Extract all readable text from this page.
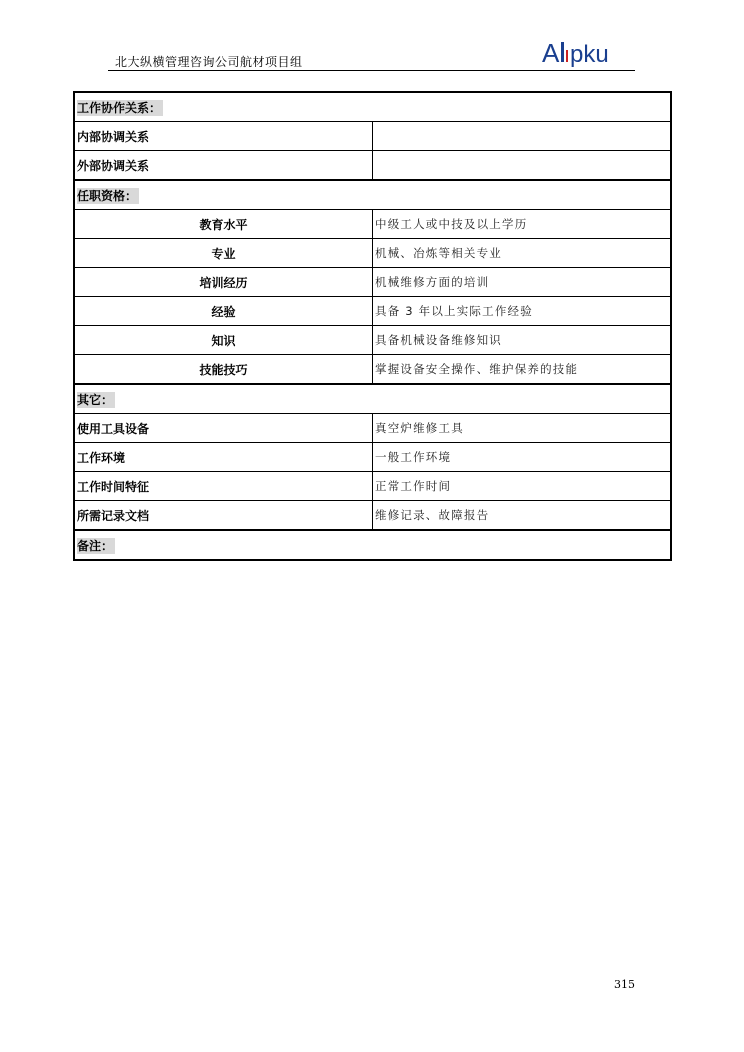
北大纵横管理咨询公司航材项目组	A pku
工作协作关系：	
内部协调关系	
外部协调关系	
任职资格：	
教育水平	中级工人或中技及以上学历
专业	机械、冶炼等相关专业
培训经历	机械维修方面的培训
经验	具备 3 年以上实际工作经验
知识	具备机械设备维修知识
技能技巧	掌握设备安全操作、维护保养的技能
其它：	
使用工具设备	真空炉维修工具
工作环境	一般工作环境
工作时间特征	正常工作时间
所需记录文档	维修记录、故障报告
备注：	
315
